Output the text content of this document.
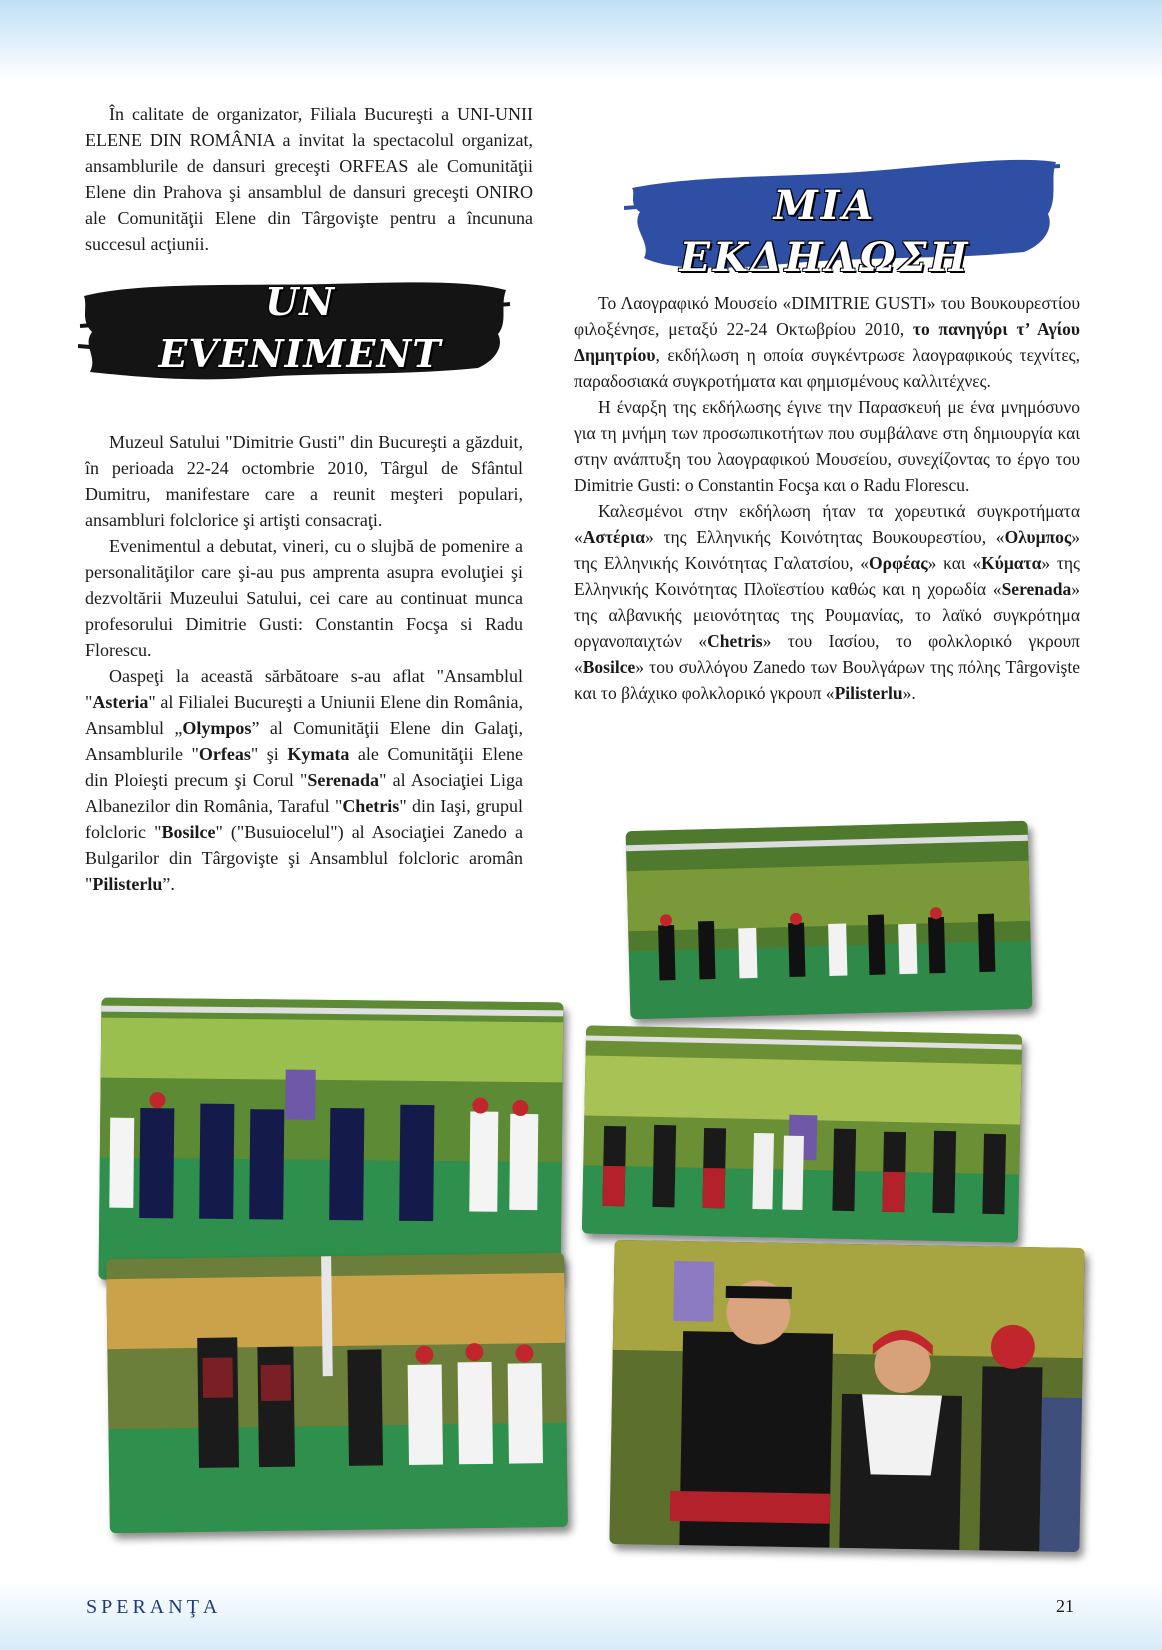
În calitate de organizator, Filiala Bucureşti a UNI-UNII ELENE DIN ROMÂNIA a invitat la spectacolul organizat, ansamblurile de dansuri greceşti ORFEAS ale Comunităţii Elene din Prahova şi ansamblul de dansuri greceşti ONIRO ale Comunităţii Elene din Târgovişte pentru a încununa succesul acţiunii.

UN
EVENIMENT
ΜΙΑ ΕΚΔΗΛΩΣΗ

Muzeul Satului "Dimitrie Gusti" din Bucureşti a găzduit, în perioada 22-24 octombrie 2010, Târgul de Sfântul Dumitru, manifestare care a reunit meşteri populari, ansambluri folclorice şi artişti consacraţi.

Evenimentul a debutat, vineri, cu o slujbă de pomenire a personalităţilor care şi-au pus amprenta asupra evoluţiei şi dezvoltării Muzeului Satului, cei care au continuat munca profesorului Dimitrie Gusti: Constantin Focşa si Radu Florescu.

Oaspeţi la această sărbătoare s-au aflat "Ansamblul "Asteria" al Filialei Bucureşti a Uniunii Elene din România, Ansamblul „Olympos” al Comunităţii Elene din Galaţi, Ansamblurile "Orfeas" şi Kymata ale Comunităţii Elene din Ploieşti precum şi Corul "Serenada" al Asociaţiei Liga Albanezilor din România, Taraful "Chetris" din Iaşi, grupul folcloric "Bosilce" ("Busuiocelul") al Asociaţiei Zanedo a Bulgarilor din Târgovişte şi Ansamblul folcloric aromân "Pilisterlu”.

Το Λαογραφικό Μουσείο «DIMITRIE GUSTI» του Βουκουρεστίου φιλοξένησε, μεταξύ 22-24 Οκτωβρίου 2010, το πανηγύρι τ’ Αγίου Δημητρίου, εκδήλωση η οποία συγκέντρωσε λαογραφικούς τεχνίτες, παραδοσιακά συγκροτήματα και φημισμένους καλλιτέχνες.

Η έναρξη της εκδήλωσης έγινε την Παρασκευή με ένα μνημόσυνο για τη μνήμη των προσωπικοτήτων που συμβάλανε στη δημιουργία και στην ανάπτυξη του λαογραφικού Μουσείου, συνεχίζοντας το έργο του Dimitrie Gusti: ο Constantin Focşa και ο Radu Florescu.

Καλεσμένοι στην εκδήλωση ήταν τα χορευτικά συγκροτήματα «Αστέρια» της Ελληνικής Κοινότητας Βουκουρεστίου, «Ολυμπος» της Ελληνικής Κοινότητας Γαλατσίου, «Ορφέας» και «Κύματα» της Ελληνικής Κοινότητας Πλοϊεστίου καθώς και η χορωδία «Serenada» της αλβανικής μειονότητας της Ρουμανίας, το λαϊκό συγκρότημα οργανοπαιχτών «Chetris» του Ιασίου, το φολκλορικό γκρουπ «Bosilce» του συλλόγου Zanedo των Βουλγάρων της πόλης Târgovişte και το βλάχικο φολκλορικό γκρουπ «Pilisterlu».

SPERANŢA	21
